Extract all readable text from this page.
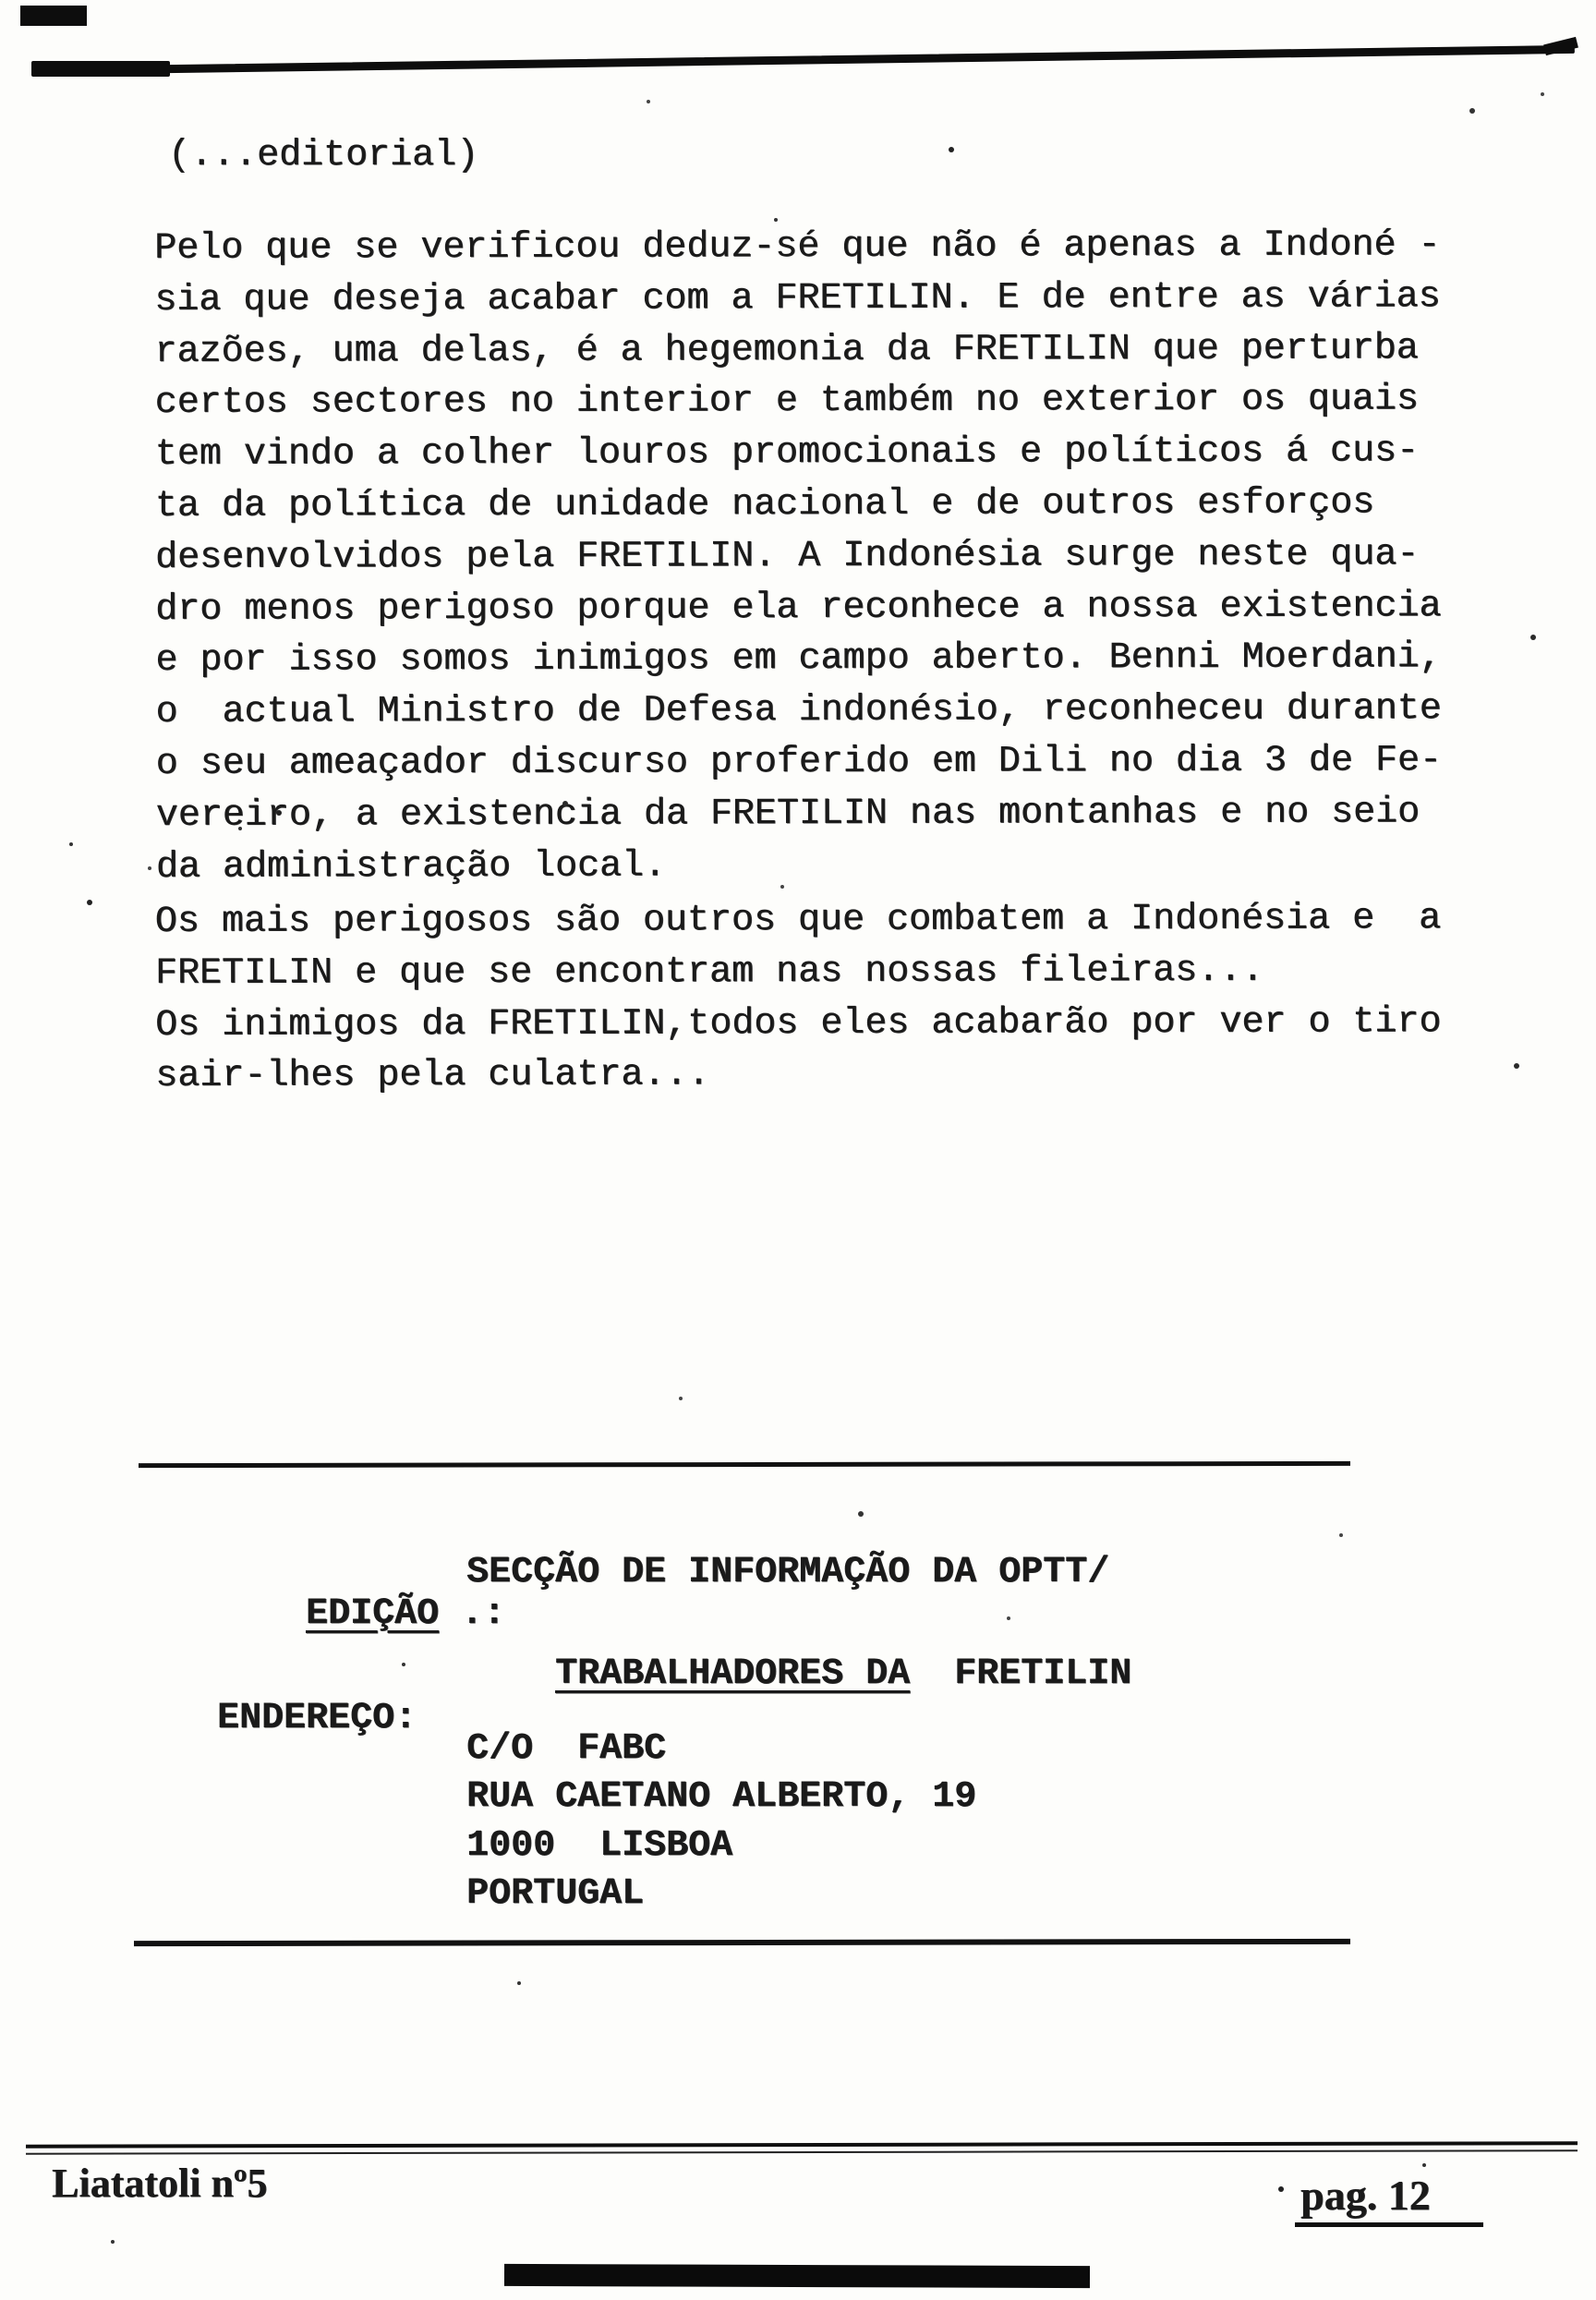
(...editorial)
Pelo que se verificou deduz-sé que não é apenas a Indoné -
sia que deseja acabar com a FRETILIN. E de entre as várias
razões, uma delas, é a hegemonia da FRETILIN que perturba
certos sectores no interior e também no exterior os quais
tem vindo a colher louros promocionais e políticos á cus-
ta da política de unidade nacional e de outros esforços
desenvolvidos pela FRETILIN. A Indonésia surge neste qua-
dro menos perigoso porque ela reconhece a nossa existencia
e por isso somos inimigos em campo aberto. Benni Moerdani,
o  actual Ministro de Defesa indonésio, reconheceu durante
o seu ameaçador discurso proferido em Dili no dia 3 de Fe-
vereiro, a existencia da FRETILIN nas montanhas e no seio
da administração local.
Os mais perigosos são outros que combatem a Indonésia e  a
FRETILIN e que se encontram nas nossas fileiras...
Os inimigos da FRETILIN,todos eles acabarão por ver o tiro
sair-lhes pela culatra...

EDIÇÃO .:

SECÇÃO DE INFORMAÇÃO DA OPTT/

TRABALHADORES DA  FRETILIN

ENDEREÇO:
C/O  FABC
RUA CAETANO ALBERTO, 19
1000  LISBOA
PORTUGAL
Liatatoli nº5	pag. 12
